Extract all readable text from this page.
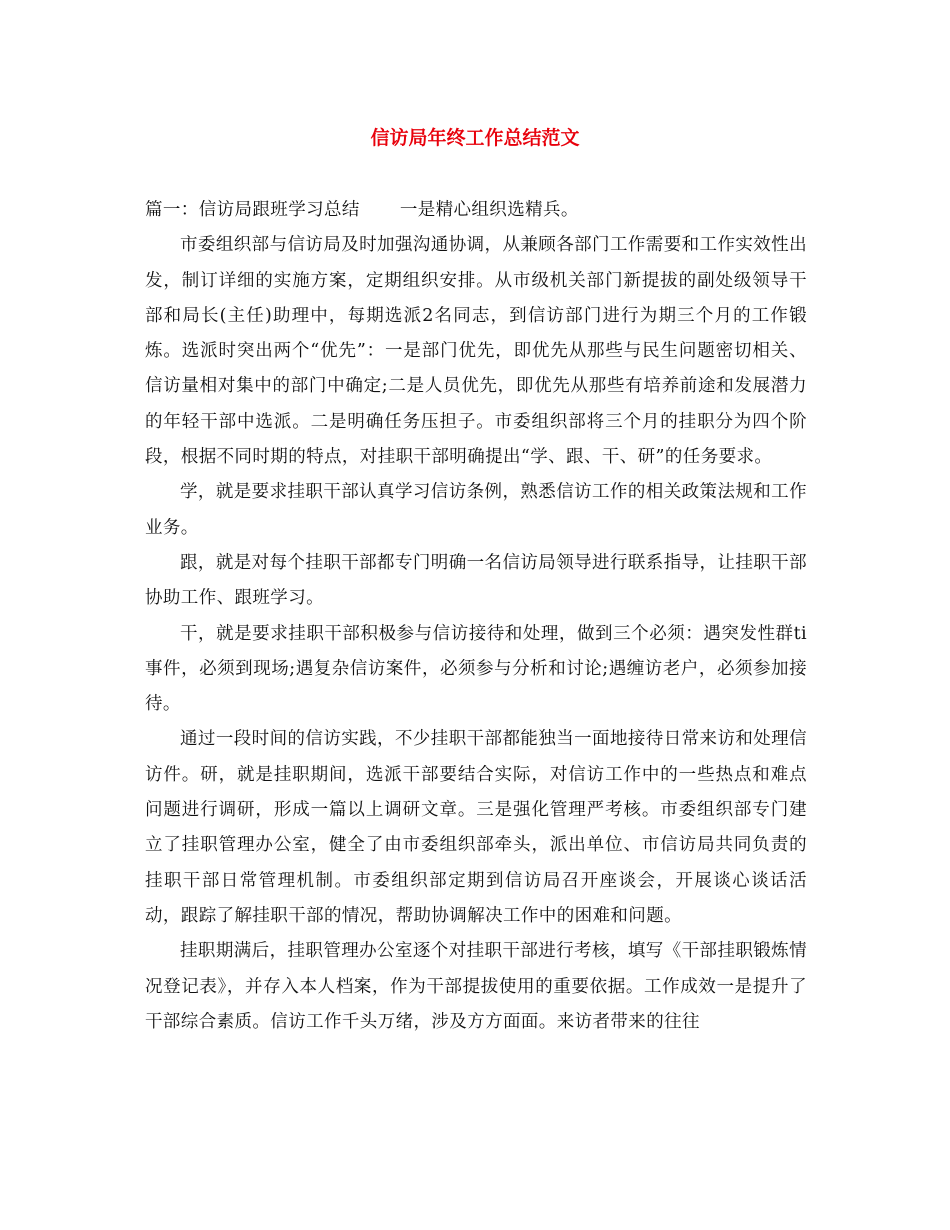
信访局年终工作总结范文

篇一：信访局跟班学习总结 一是精心组织选精兵。

市委组织部与信访局及时加强沟通协调，从兼顾各部门工作需要和工作实效性出发，制订详细的实施方案，定期组织安排。从市级机关部门新提拔的副处级领导干部和局长(主任)助理中，每期选派2名同志，到信访部门进行为期三个月的工作锻炼。选派时突出两个“优先”：一是部门优先，即优先从那些与民生问题密切相关、信访量相对集中的部门中确定;二是人员优先，即优先从那些有培养前途和发展潜力的年轻干部中选派。二是明确任务压担子。市委组织部将三个月的挂职分为四个阶段，根据不同时期的特点，对挂职干部明确提出“学、跟、干、研”的任务要求。

学，就是要求挂职干部认真学习信访条例，熟悉信访工作的相关政策法规和工作业务。

跟，就是对每个挂职干部都专门明确一名信访局领导进行联系指导，让挂职干部协助工作、跟班学习。

干，就是要求挂职干部积极参与信访接待和处理，做到三个必须：遇突发性群ti事件，必须到现场;遇复杂信访案件，必须参与分析和讨论;遇缠访老户，必须参加接待。

通过一段时间的信访实践，不少挂职干部都能独当一面地接待日常来访和处理信访件。研，就是挂职期间，选派干部要结合实际，对信访工作中的一些热点和难点问题进行调研，形成一篇以上调研文章。三是强化管理严考核。市委组织部专门建立了挂职管理办公室，健全了由市委组织部牵头，派出单位、市信访局共同负责的挂职干部日常管理机制。市委组织部定期到信访局召开座谈会，开展谈心谈话活动，跟踪了解挂职干部的情况，帮助协调解决工作中的困难和问题。

挂职期满后，挂职管理办公室逐个对挂职干部进行考核，填写《干部挂职锻炼情况登记表》，并存入本人档案，作为干部提拔使用的重要依据。工作成效一是提升了干部综合素质。信访工作千头万绪，涉及方方面面。来访者带来的往往
